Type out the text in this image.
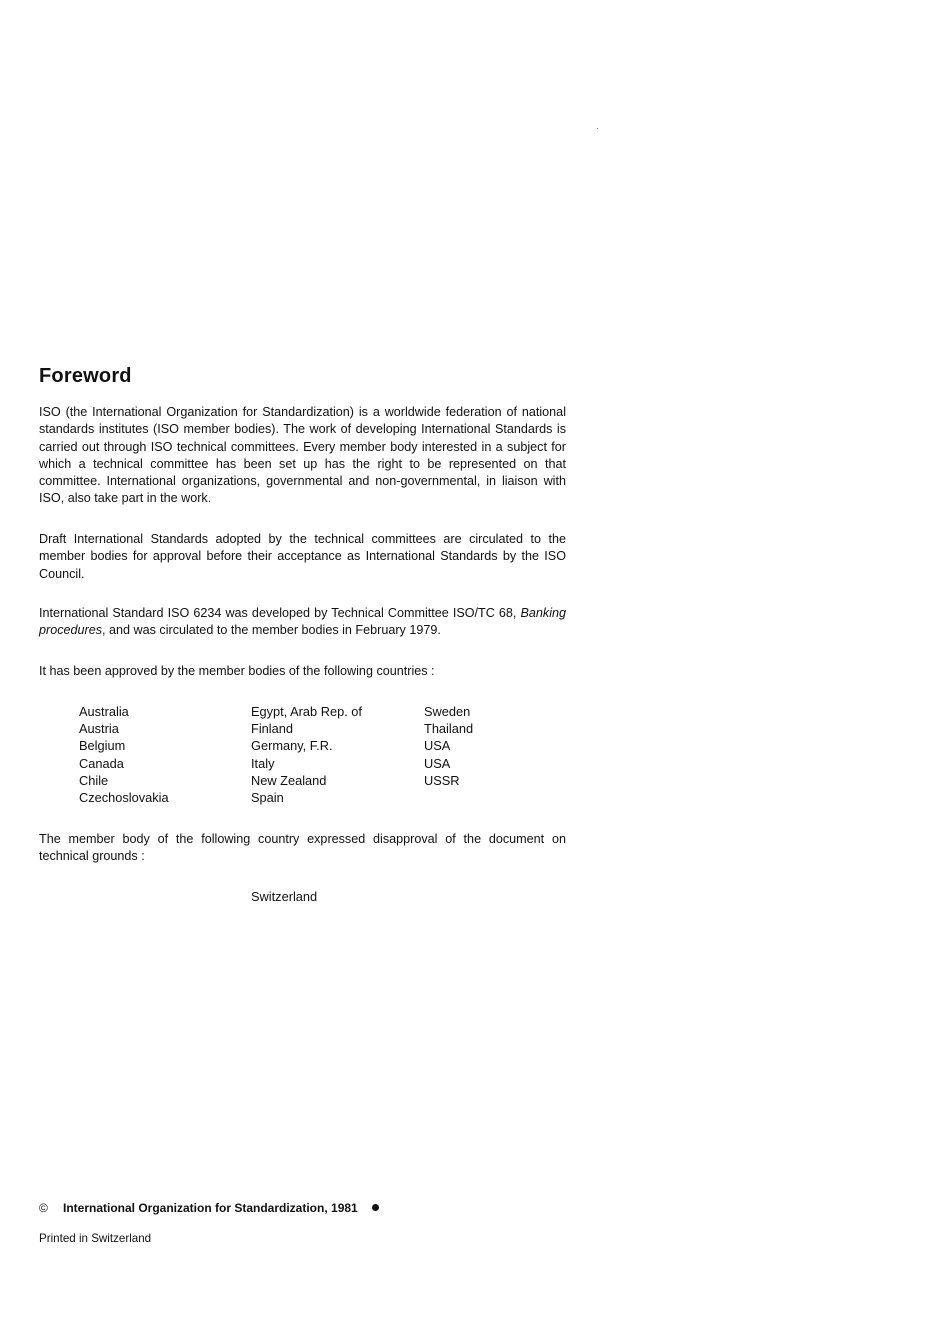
Foreword

ISO (the International Organization for Standardization) is a worldwide federation of national standards institutes (ISO member bodies). The work of developing International Standards is carried out through ISO technical committees. Every member body interested in a subject for which a technical committee has been set up has the right to be represented on that committee. International organizations, governmental and non-governmental, in liaison with ISO, also take part in the work.

Draft International Standards adopted by the technical committees are circulated to the member bodies for approval before their acceptance as International Standards by the ISO Council.

International Standard ISO 6234 was developed by Technical Committee ISO/TC 68, Banking procedures, and was circulated to the member bodies in February 1979.

It has been approved by the member bodies of the following countries :

Australia
Austria
Belgium
Canada
Chile
Czechoslovakia
Egypt, Arab Rep. of
Finland
Germany, F.R.
Italy
New Zealand
Spain
Sweden
Thailand
USA
USA
USSR

The member body of the following country expressed disapproval of the document on technical grounds :

Switzerland
© International Organization for Standardization, 1981
Printed in Switzerland
